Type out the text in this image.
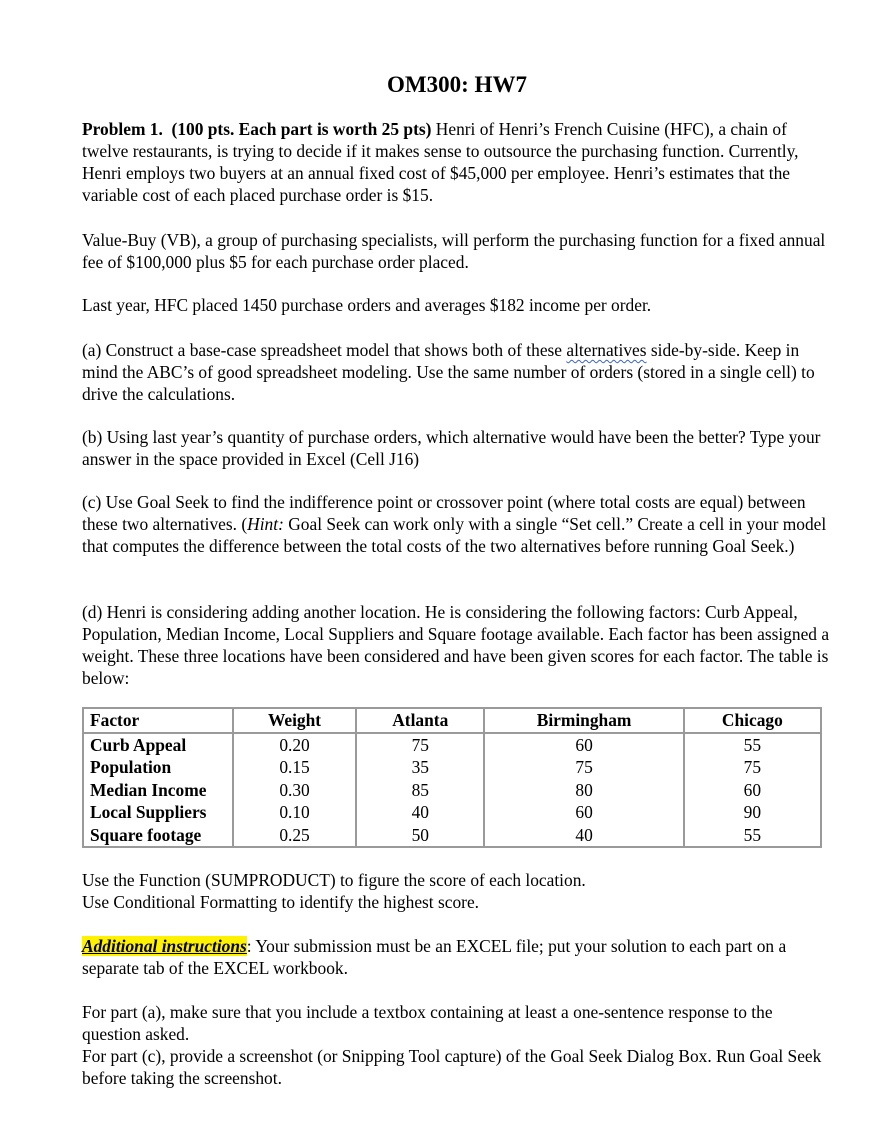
OM300: HW7

Problem 1. (100 pts. Each part is worth 25 pts) Henri of Henri’s French Cuisine (HFC), a chain of twelve restaurants, is trying to decide if it makes sense to outsource the purchasing function. Currently, Henri employs two buyers at an annual fixed cost of $45,000 per employee. Henri’s estimates that the variable cost of each placed purchase order is $15.

Value-Buy (VB), a group of purchasing specialists, will perform the purchasing function for a fixed annual fee of $100,000 plus $5 for each purchase order placed.

Last year, HFC placed 1450 purchase orders and averages $182 income per order.

(a) Construct a base-case spreadsheet model that shows both of these alternatives side-by-side. Keep in mind the ABC’s of good spreadsheet modeling. Use the same number of orders (stored in a single cell) to drive the calculations.

(b) Using last year’s quantity of purchase orders, which alternative would have been the better? Type your answer in the space provided in Excel (Cell J16)

(c) Use Goal Seek to find the indifference point or crossover point (where total costs are equal) between these two alternatives. (Hint: Goal Seek can work only with a single “Set cell.” Create a cell in your model that computes the difference between the total costs of the two alternatives before running Goal Seek.)

(d) Henri is considering adding another location. He is considering the following factors: Curb Appeal, Population, Median Income, Local Suppliers and Square footage available. Each factor has been assigned a weight. These three locations have been considered and have been given scores for each factor. The table is below:

Factor	Weight	Atlanta	Birmingham	Chicago
Curb Appeal	0.20	75	60	55
Population	0.15	35	75	75
Median Income	0.30	85	80	60
Local Suppliers	0.10	40	60	90
Square footage	0.25	50	40	55

Use the Function (SUMPRODUCT) to figure the score of each location.

Use Conditional Formatting to identify the highest score.

Additional instructions: Your submission must be an EXCEL file; put your solution to each part on a separate tab of the EXCEL workbook.

For part (a), make sure that you include a textbox containing at least a one-sentence response to the question asked.

For part (c), provide a screenshot (or Snipping Tool capture) of the Goal Seek Dialog Box. Run Goal Seek before taking the screenshot.
